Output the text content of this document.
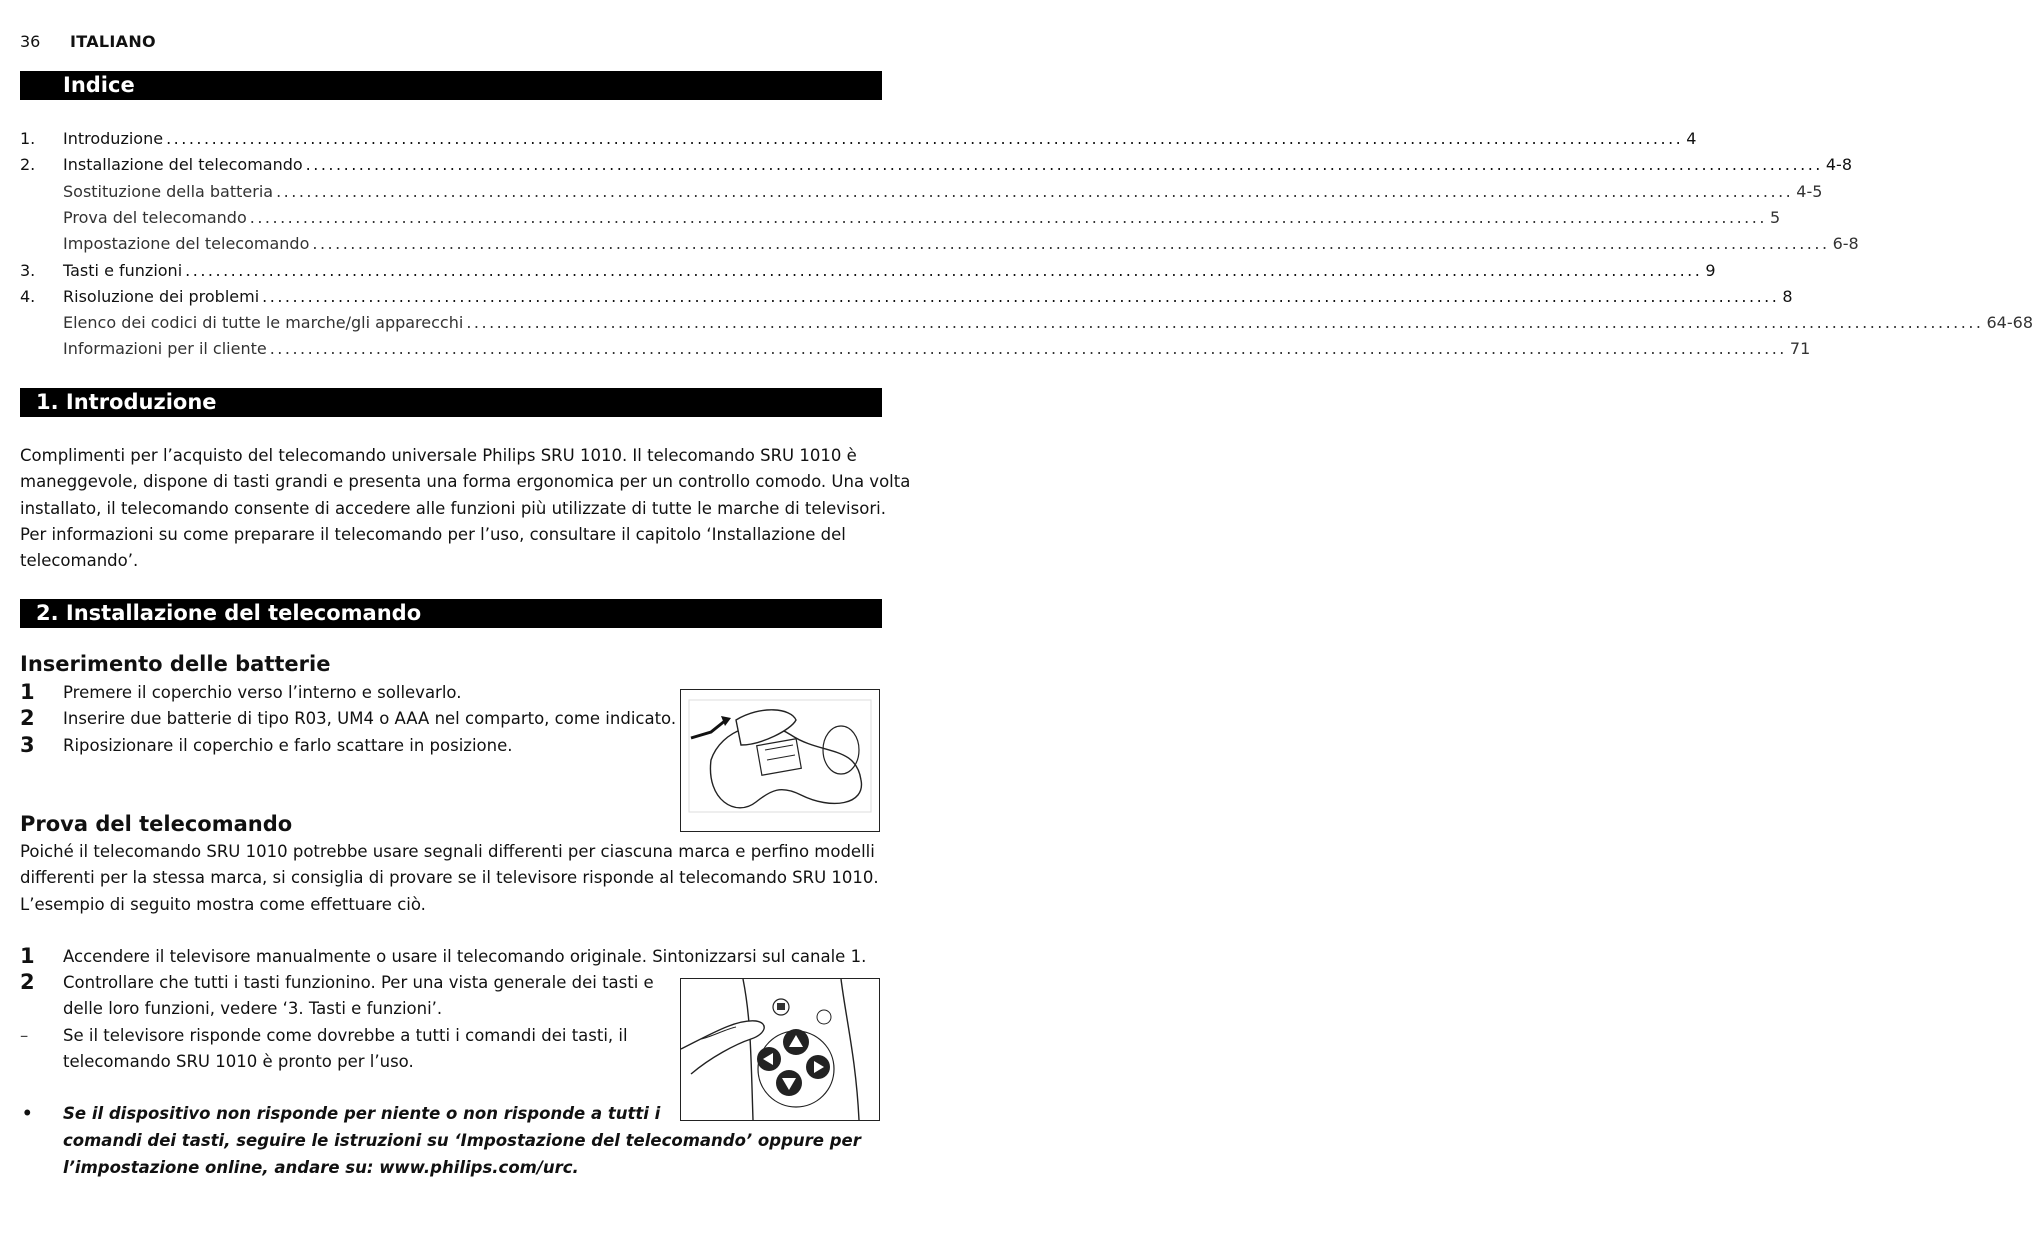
36 ITALIANO
Indice
1. Introduzione ........................................................................................................................................................................................................ 4
2. Installazione del telecomando ........................................................................................................................................................................................................ 4-8
Sostituzione della batteria ........................................................................................................................................................................................................ 4-5
Prova del telecomando ........................................................................................................................................................................................................ 5
Impostazione del telecomando ........................................................................................................................................................................................................ 6-8
3. Tasti e funzioni ........................................................................................................................................................................................................ 9
4. Risoluzione dei problemi ........................................................................................................................................................................................................ 8
Elenco dei codici di tutte le marche/gli apparecchi ........................................................................................................................................................................................................ 64-68
Informazioni per il cliente ........................................................................................................................................................................................................ 71
1. Introduzione
Complimenti per l’acquisto del telecomando universale Philips SRU 1010. Il telecomando SRU 1010 è
maneggevole, dispone di tasti grandi e presenta una forma ergonomica per un controllo comodo. Una volta
installato, il telecomando consente di accedere alle funzioni più utilizzate di tutte le marche di televisori.
Per informazioni su come preparare il telecomando per l’uso, consultare il capitolo ‘Installazione del
telecomando’.
2. Installazione del telecomando
Inserimento delle batterie
1 Premere il coperchio verso l’interno e sollevarlo.
2 Inserire due batterie di tipo R03, UM4 o AAA nel comparto, come indicato.
3 Riposizionare il coperchio e farlo scattare in posizione.
Prova del telecomando
Poiché il telecomando SRU 1010 potrebbe usare segnali differenti per ciascuna marca e perfino modelli
differenti per la stessa marca, si consiglia di provare se il televisore risponde al telecomando SRU 1010.
L’esempio di seguito mostra come effettuare ciò.
1 Accendere il televisore manualmente o usare il telecomando originale. Sintonizzarsi sul canale 1.
2 Controllare che tutti i tasti funzionino. Per una vista generale dei tasti e
delle loro funzioni, vedere ‘3. Tasti e funzioni’.
– Se il televisore risponde come dovrebbe a tutti i comandi dei tasti, il
telecomando SRU 1010 è pronto per l’uso.
• Se il dispositivo non risponde per niente o non risponde a tutti i
comandi dei tasti, seguire le istruzioni su ‘Impostazione del telecomando’ oppure per
l’impostazione online, andare su: www.philips.com/urc.
